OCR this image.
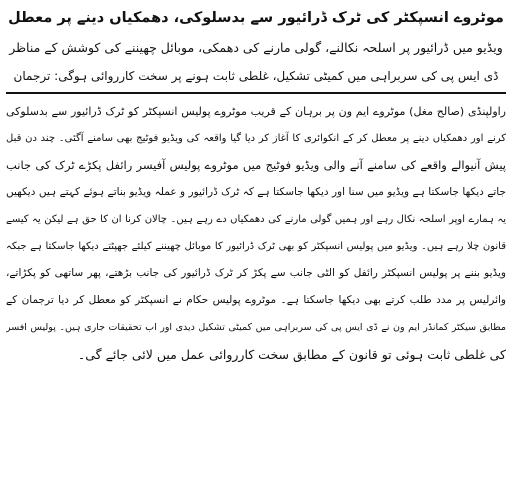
موٹروے انسپکٹر کی ٹرک ڈرائیور سے بدسلوکی، دھمکیاں دینے پر معطل
ویڈیو میں ڈرائیور پر اسلحہ نکالنے، گولی مارنے کی دھمکی، موبائل چھیننے کی کوشش کے مناظر
ڈی ایس پی کی سربراہی میں کمیٹی تشکیل، غلطی ثابت ہونے پر سخت کارروائی ہوگی: ترجمان
راولپنڈی (صالح مغل) موٹروے ایم ون پر برہان کے قریب موٹروے پولیس انسپکٹر کو ٹرک ڈرائیور سے بدسلوکی
کرنے اور دھمکیاں دینے پر معطل کر کے انکوائری کا آغاز کر دیا گیا واقعہ کی ویڈیو فوٹیج بھی سامنے آگئی۔ چند دن قبل
پیش آنیوالے واقعے کی سامنے آنے والی ویڈیو فوٹیج میں موٹروے پولیس آفیسر رائفل پکڑے ٹرک کی جانب
جاتے دیکھا جاسکتا ہے ویڈیو میں سنا اور دیکھا جاسکتا ہے کہ ٹرک ڈرائیور و عملہ ویڈیو بناتے ہوئے کہتے ہیں دیکھیں
یہ ہمارے اوپر اسلحہ نکال رہے اور ہمیں گولی مارنے کی دھمکیاں دے رہے ہیں۔ چالان کرنا ان کا حق ہے لیکن یہ کیسے
قانون چلا رہے ہیں۔ ویڈیو میں پولیس انسپکٹر کو بھی ٹرک ڈرائیور کا موبائل چھیننے کیلئے جھپٹتے دیکھا جاسکتا ہے جبکہ
ویڈیو بننے پر پولیس انسپکٹر رائفل کو الٹی جانب سے پکڑ کر ٹرک ڈرائیور کی جانب بڑھتے، پھر ساتھی کو پکڑاتے،
وائرلیس پر مدد طلب کرتے بھی دیکھا جاسکتا ہے۔ موٹروے پولیس حکام نے انسپکٹر کو معطل کر دیا ترجمان کے
مطابق سیکٹر کمانڈر ایم ون نے ڈی ایس پی کی سربراہی میں کمیٹی تشکیل دیدی اور اب تحقیقات جاری ہیں۔ پولیس افسر
کی غلطی ثابت ہوئی تو قانون کے مطابق سخت کارروائی عمل میں لائی جائے گی۔
